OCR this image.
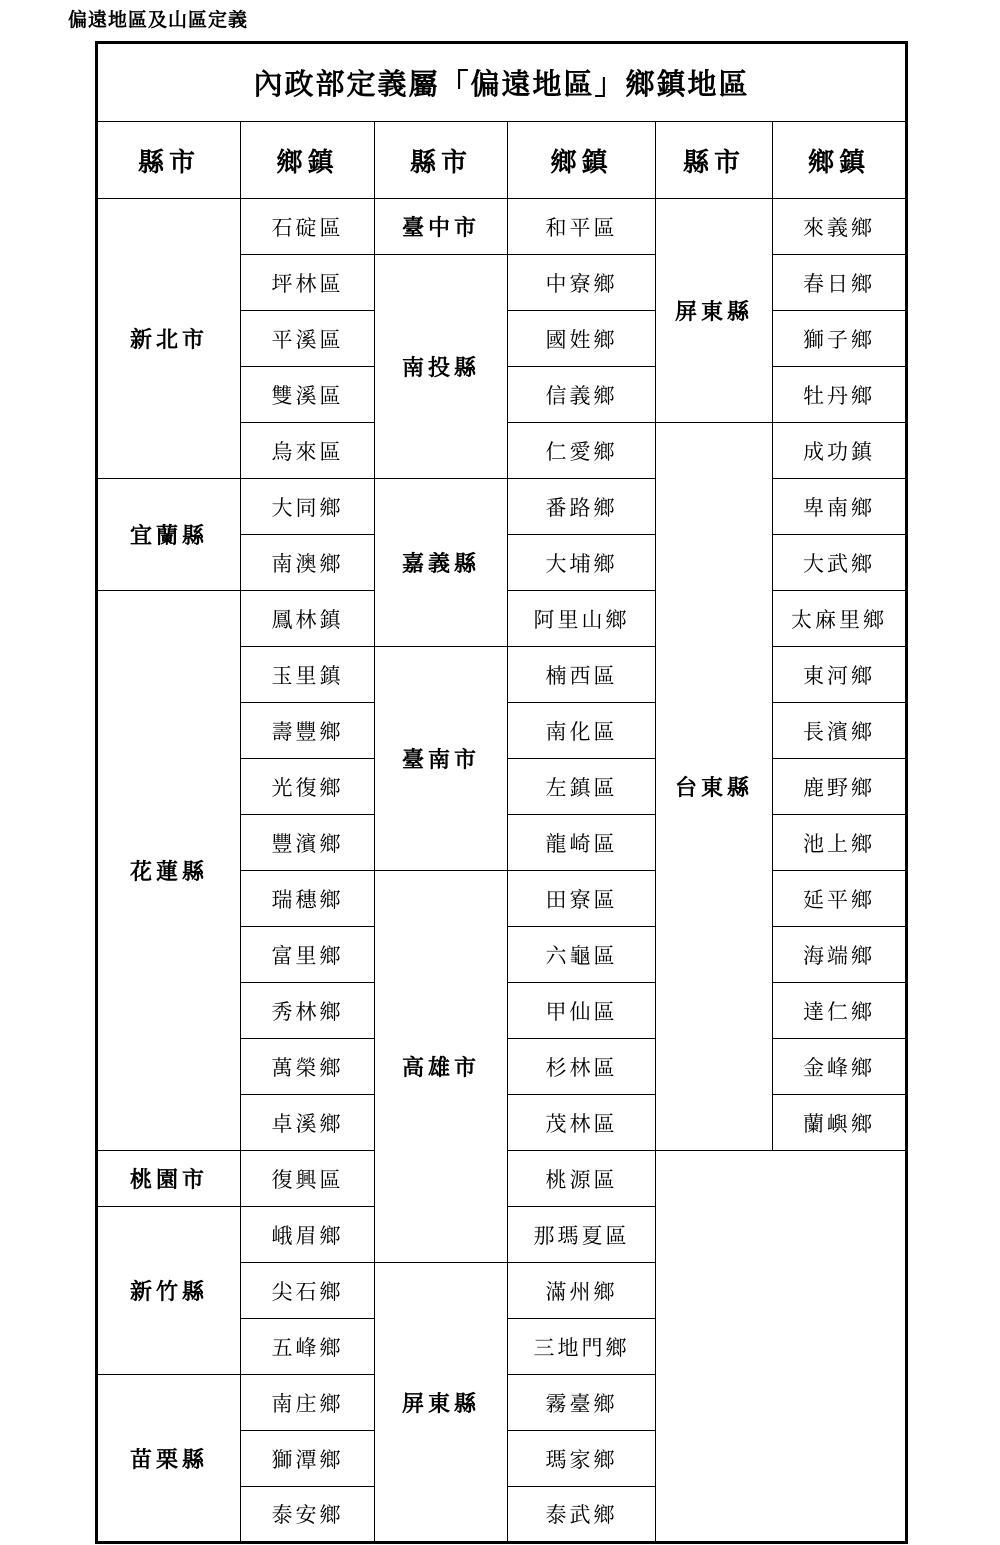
偏遠地區及山區定義
內政部定義屬「偏遠地區」鄉鎮地區					
縣市	鄉鎮	縣市	鄉鎮	縣市	鄉鎮
新北市	石碇區	臺中市	和平區	屏東縣	來義鄉
	坪林區	南投縣	中寮鄉		春日鄉
	平溪區		國姓鄉		獅子鄉
	雙溪區		信義鄉		牡丹鄉
	烏來區		仁愛鄉	台東縣	成功鎮
宜蘭縣	大同鄉	嘉義縣	番路鄉		卑南鄉
	南澳鄉		大埔鄉		大武鄉
花蓮縣	鳳林鎮		阿里山鄉		太麻里鄉
	玉里鎮	臺南市	楠西區		東河鄉
	壽豐鄉		南化區		長濱鄉
	光復鄉		左鎮區		鹿野鄉
	豐濱鄉		龍崎區		池上鄉
	瑞穗鄉	高雄市	田寮區		延平鄉
	富里鄉		六龜區		海端鄉
	秀林鄉		甲仙區		達仁鄉
	萬榮鄉		杉林區		金峰鄉
	卓溪鄉		茂林區		蘭嶼鄉
桃園市	復興區		桃源區		
新竹縣	峨眉鄉		那瑪夏區		
	尖石鄉	屏東縣	滿州鄉		
	五峰鄉		三地門鄉		
苗栗縣	南庄鄉		霧臺鄉		
	獅潭鄉		瑪家鄉		
	泰安鄉		泰武鄉		
